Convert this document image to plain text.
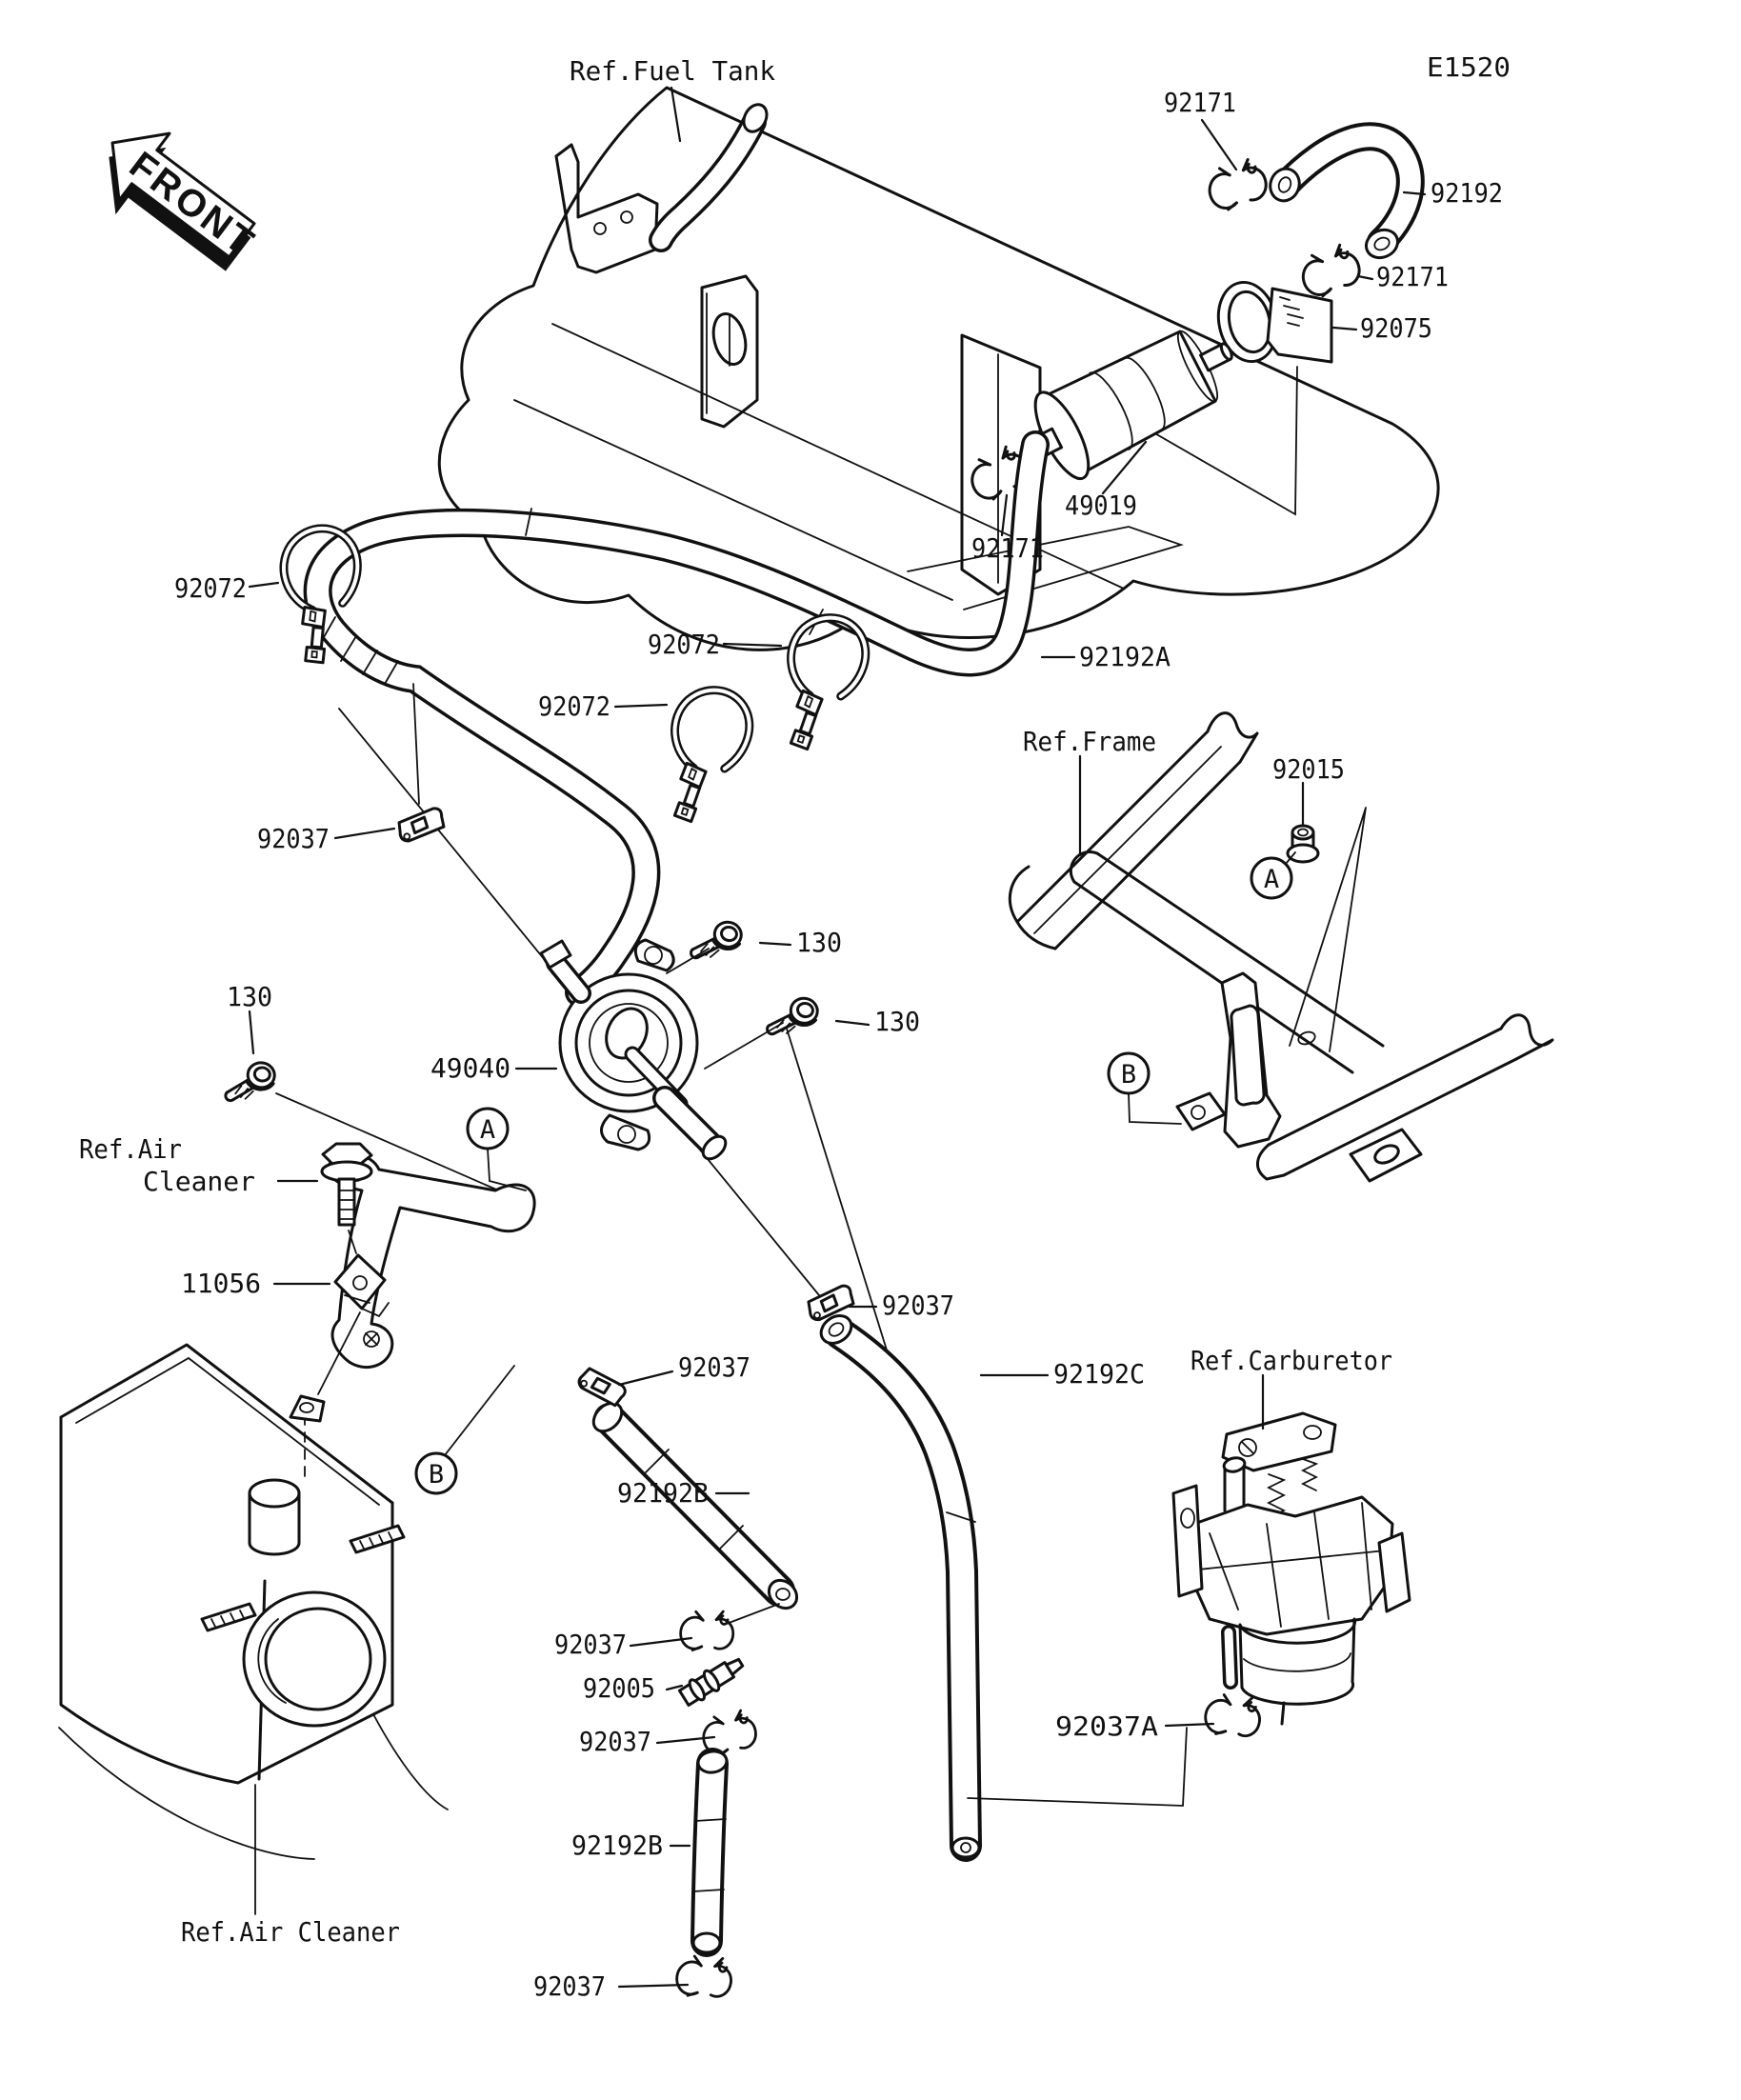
FRONT
A
B
A
B
E1520
Ref.Fuel Tank
92171
92192
92171
92075
49019
92171
92192A
92072
92072
92072
92037
Ref.Frame
92015
130
130
130
49040
Ref.Air
Cleaner
11056
92037
92037
92192C Ref.Carburetor
92192B
92037
92005
92037
92192B
92037A
92037
Ref.Air Cleaner
